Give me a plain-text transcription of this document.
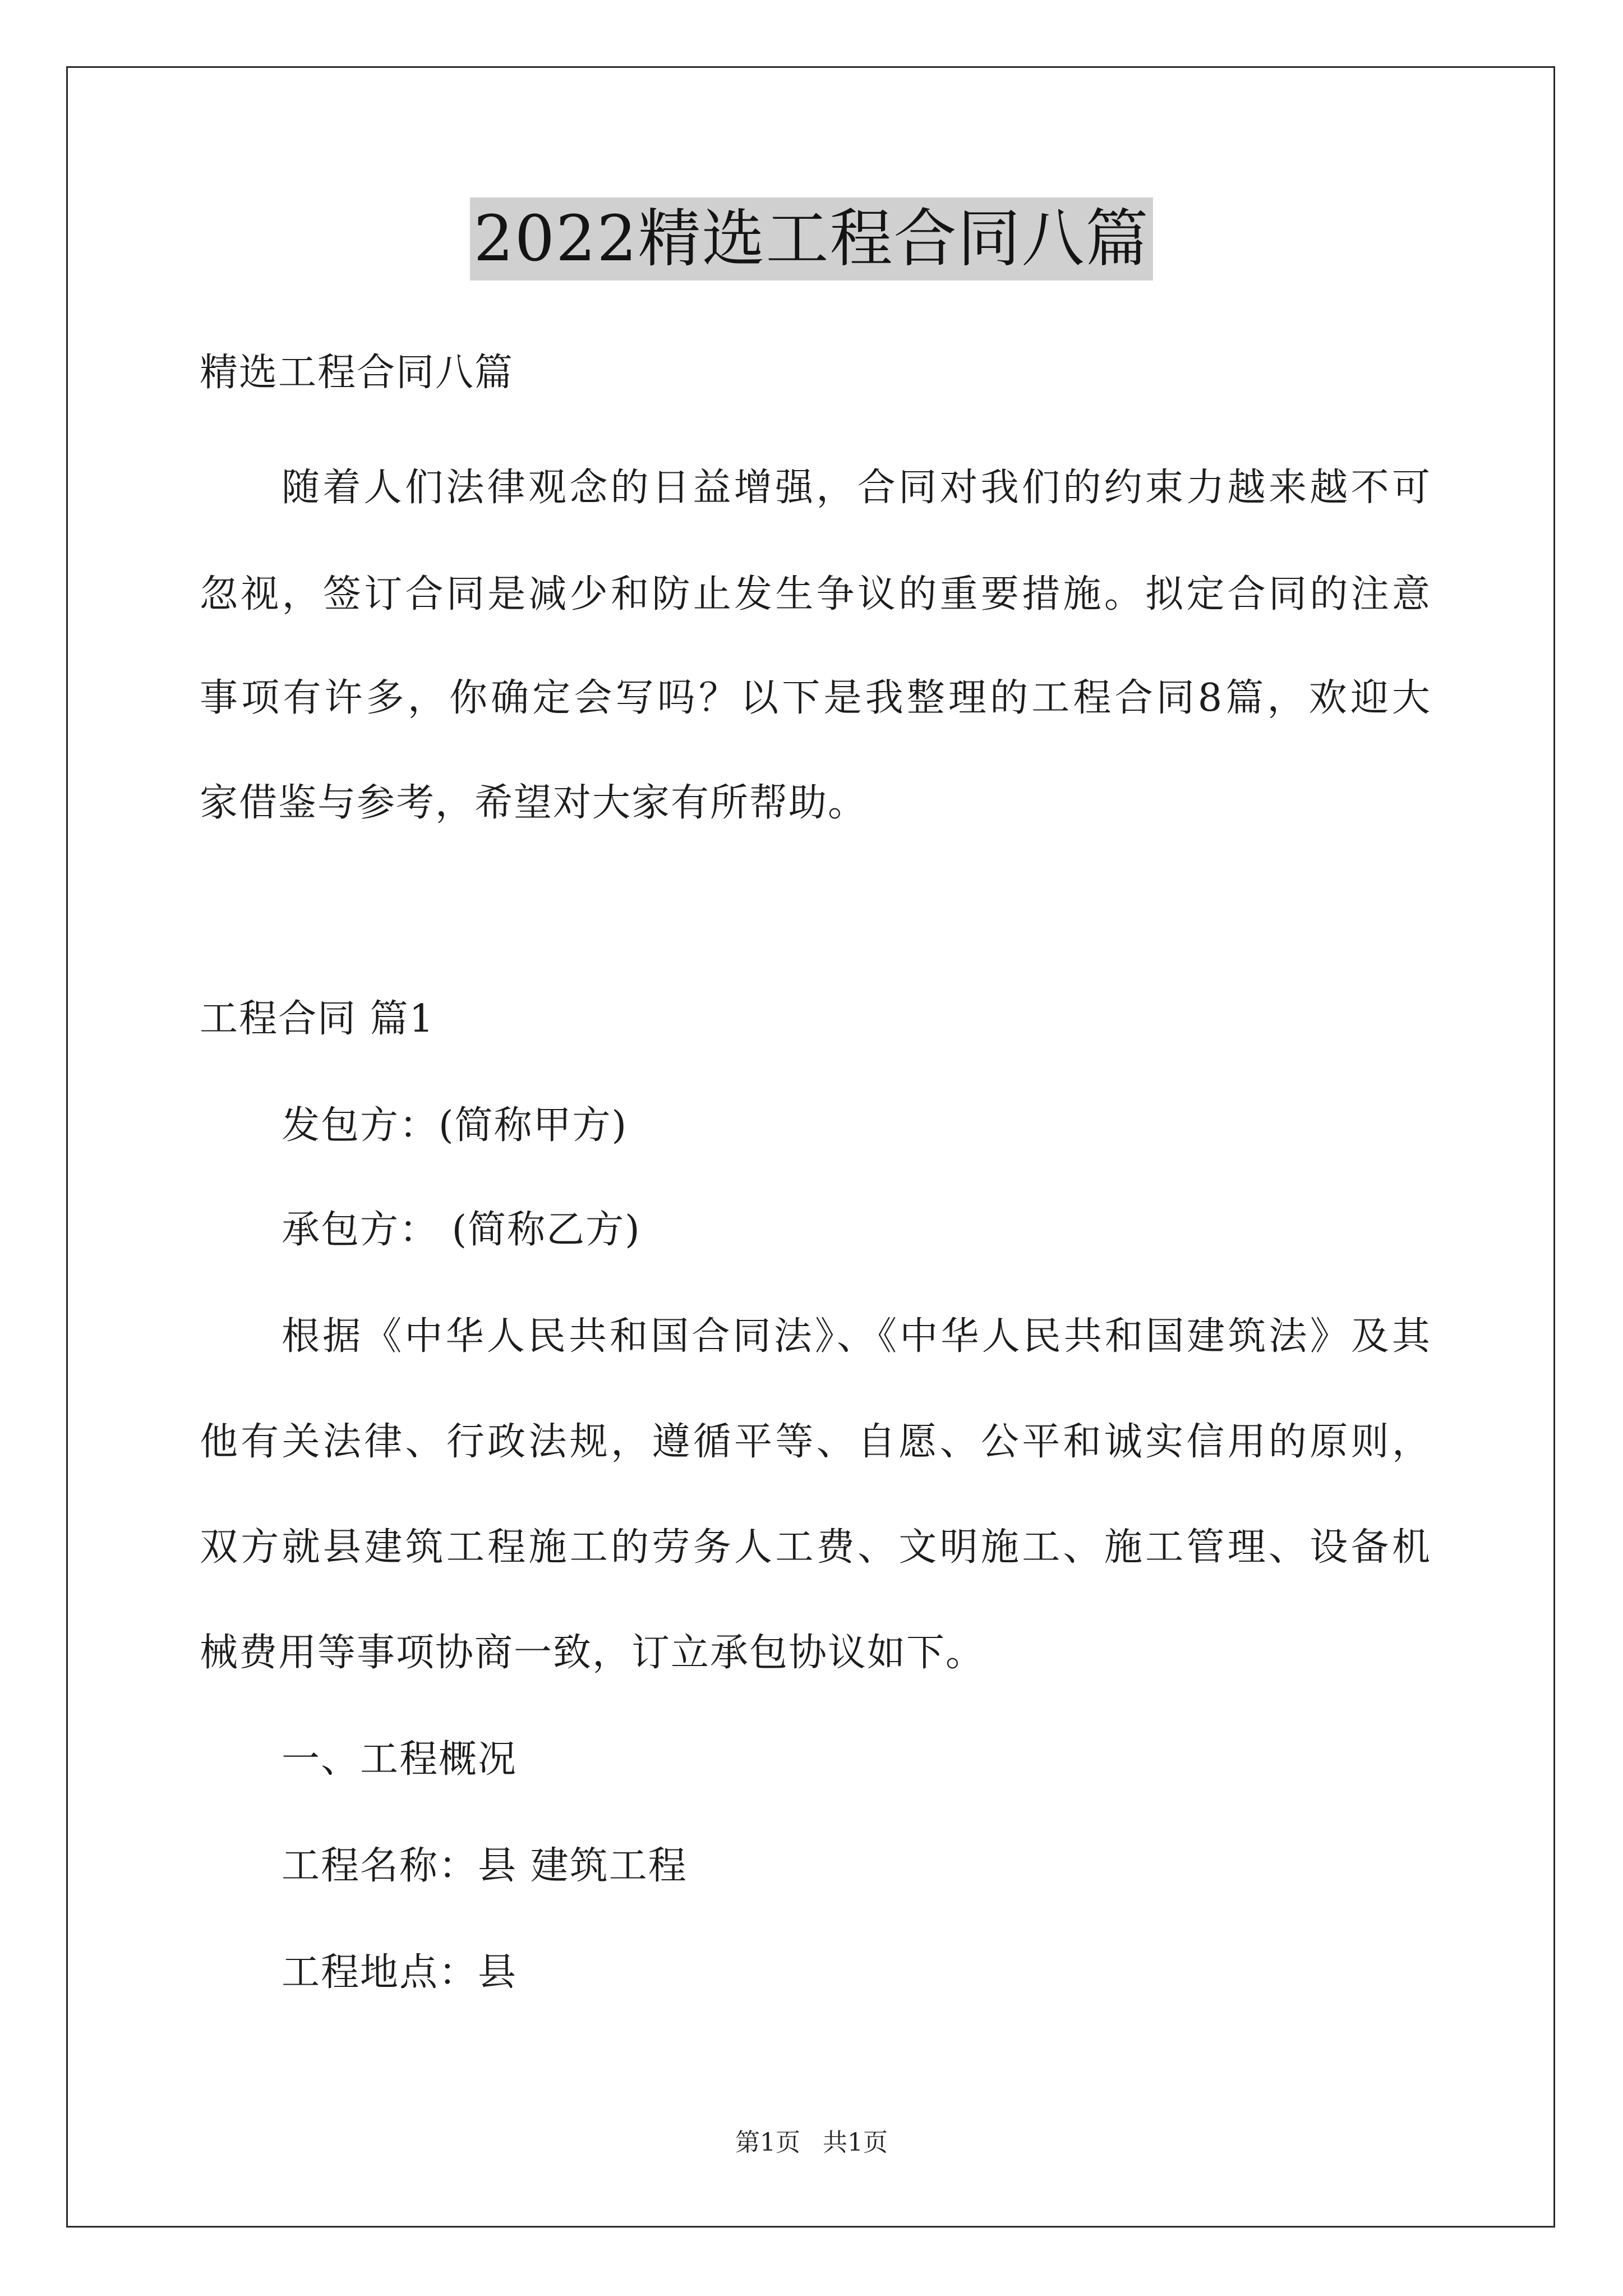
2022精选工程合同八篇
精选工程合同八篇
随着人们法律观念的日益增强，合同对我们的约束力越来越不可
忽视，签订合同是减少和防止发生争议的重要措施。拟定合同的注意
事项有许多，你确定会写吗？以下是我整理的工程合同8篇，欢迎大
家借鉴与参考，希望对大家有所帮助。
工程合同 篇1
发包方：(简称甲方)
承包方： (简称乙方)
根据《中华人民共和国合同法》、《中华人民共和国建筑法》及其
他有关法律、行政法规，遵循平等、自愿、公平和诚实信用的原则，
双方就县建筑工程施工的劳务人工费、文明施工、施工管理、设备机
械费用等事项协商一致，订立承包协议如下。
一、工程概况
工程名称：县 建筑工程
工程地点：县
第1页 共1页
